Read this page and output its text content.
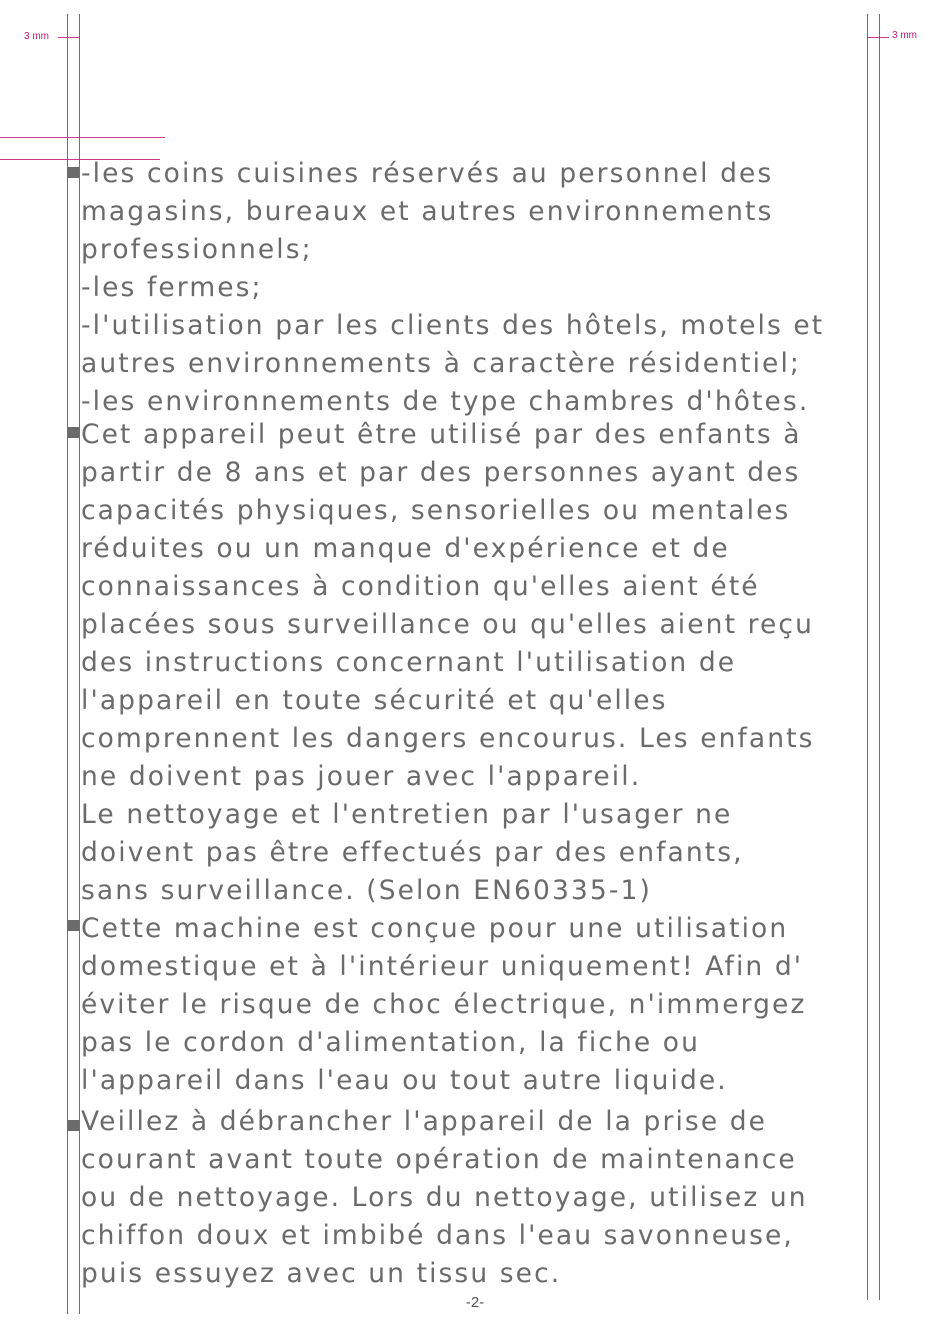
3 mm	3 mm
-les coins cuisines réservés au personnel des
magasins, bureaux et autres environnements
professionnels;
-les fermes;
-l'utilisation par les clients des hôtels, motels et
autres environnements à caractère résidentiel;
-les environnements de type chambres d'hôtes.
Cet appareil peut être utilisé par des enfants à
partir de 8 ans et par des personnes ayant des
capacités physiques, sensorielles ou mentales
réduites ou un manque d'expérience et de
connaissances à condition qu'elles aient été
placées sous surveillance ou qu'elles aient reçu
des instructions concernant l'utilisation de
l'appareil en toute sécurité et qu'elles
comprennent les dangers encourus. Les enfants
ne doivent pas jouer avec l'appareil.
Le nettoyage et l'entretien par l'usager ne
doivent pas être effectués par des enfants,
sans surveillance. (Selon EN60335-1)
Cette machine est conçue pour une utilisation
domestique et à l'intérieur uniquement! Afin d'
éviter le risque de choc électrique, n'immergez
pas le cordon d'alimentation, la fiche ou
l'appareil dans l'eau ou tout autre liquide.
Veillez à débrancher l'appareil de la prise de
courant avant toute opération de maintenance
ou de nettoyage. Lors du nettoyage, utilisez un
chiffon doux et imbibé dans l'eau savonneuse,
puis essuyez avec un tissu sec.
-2-
